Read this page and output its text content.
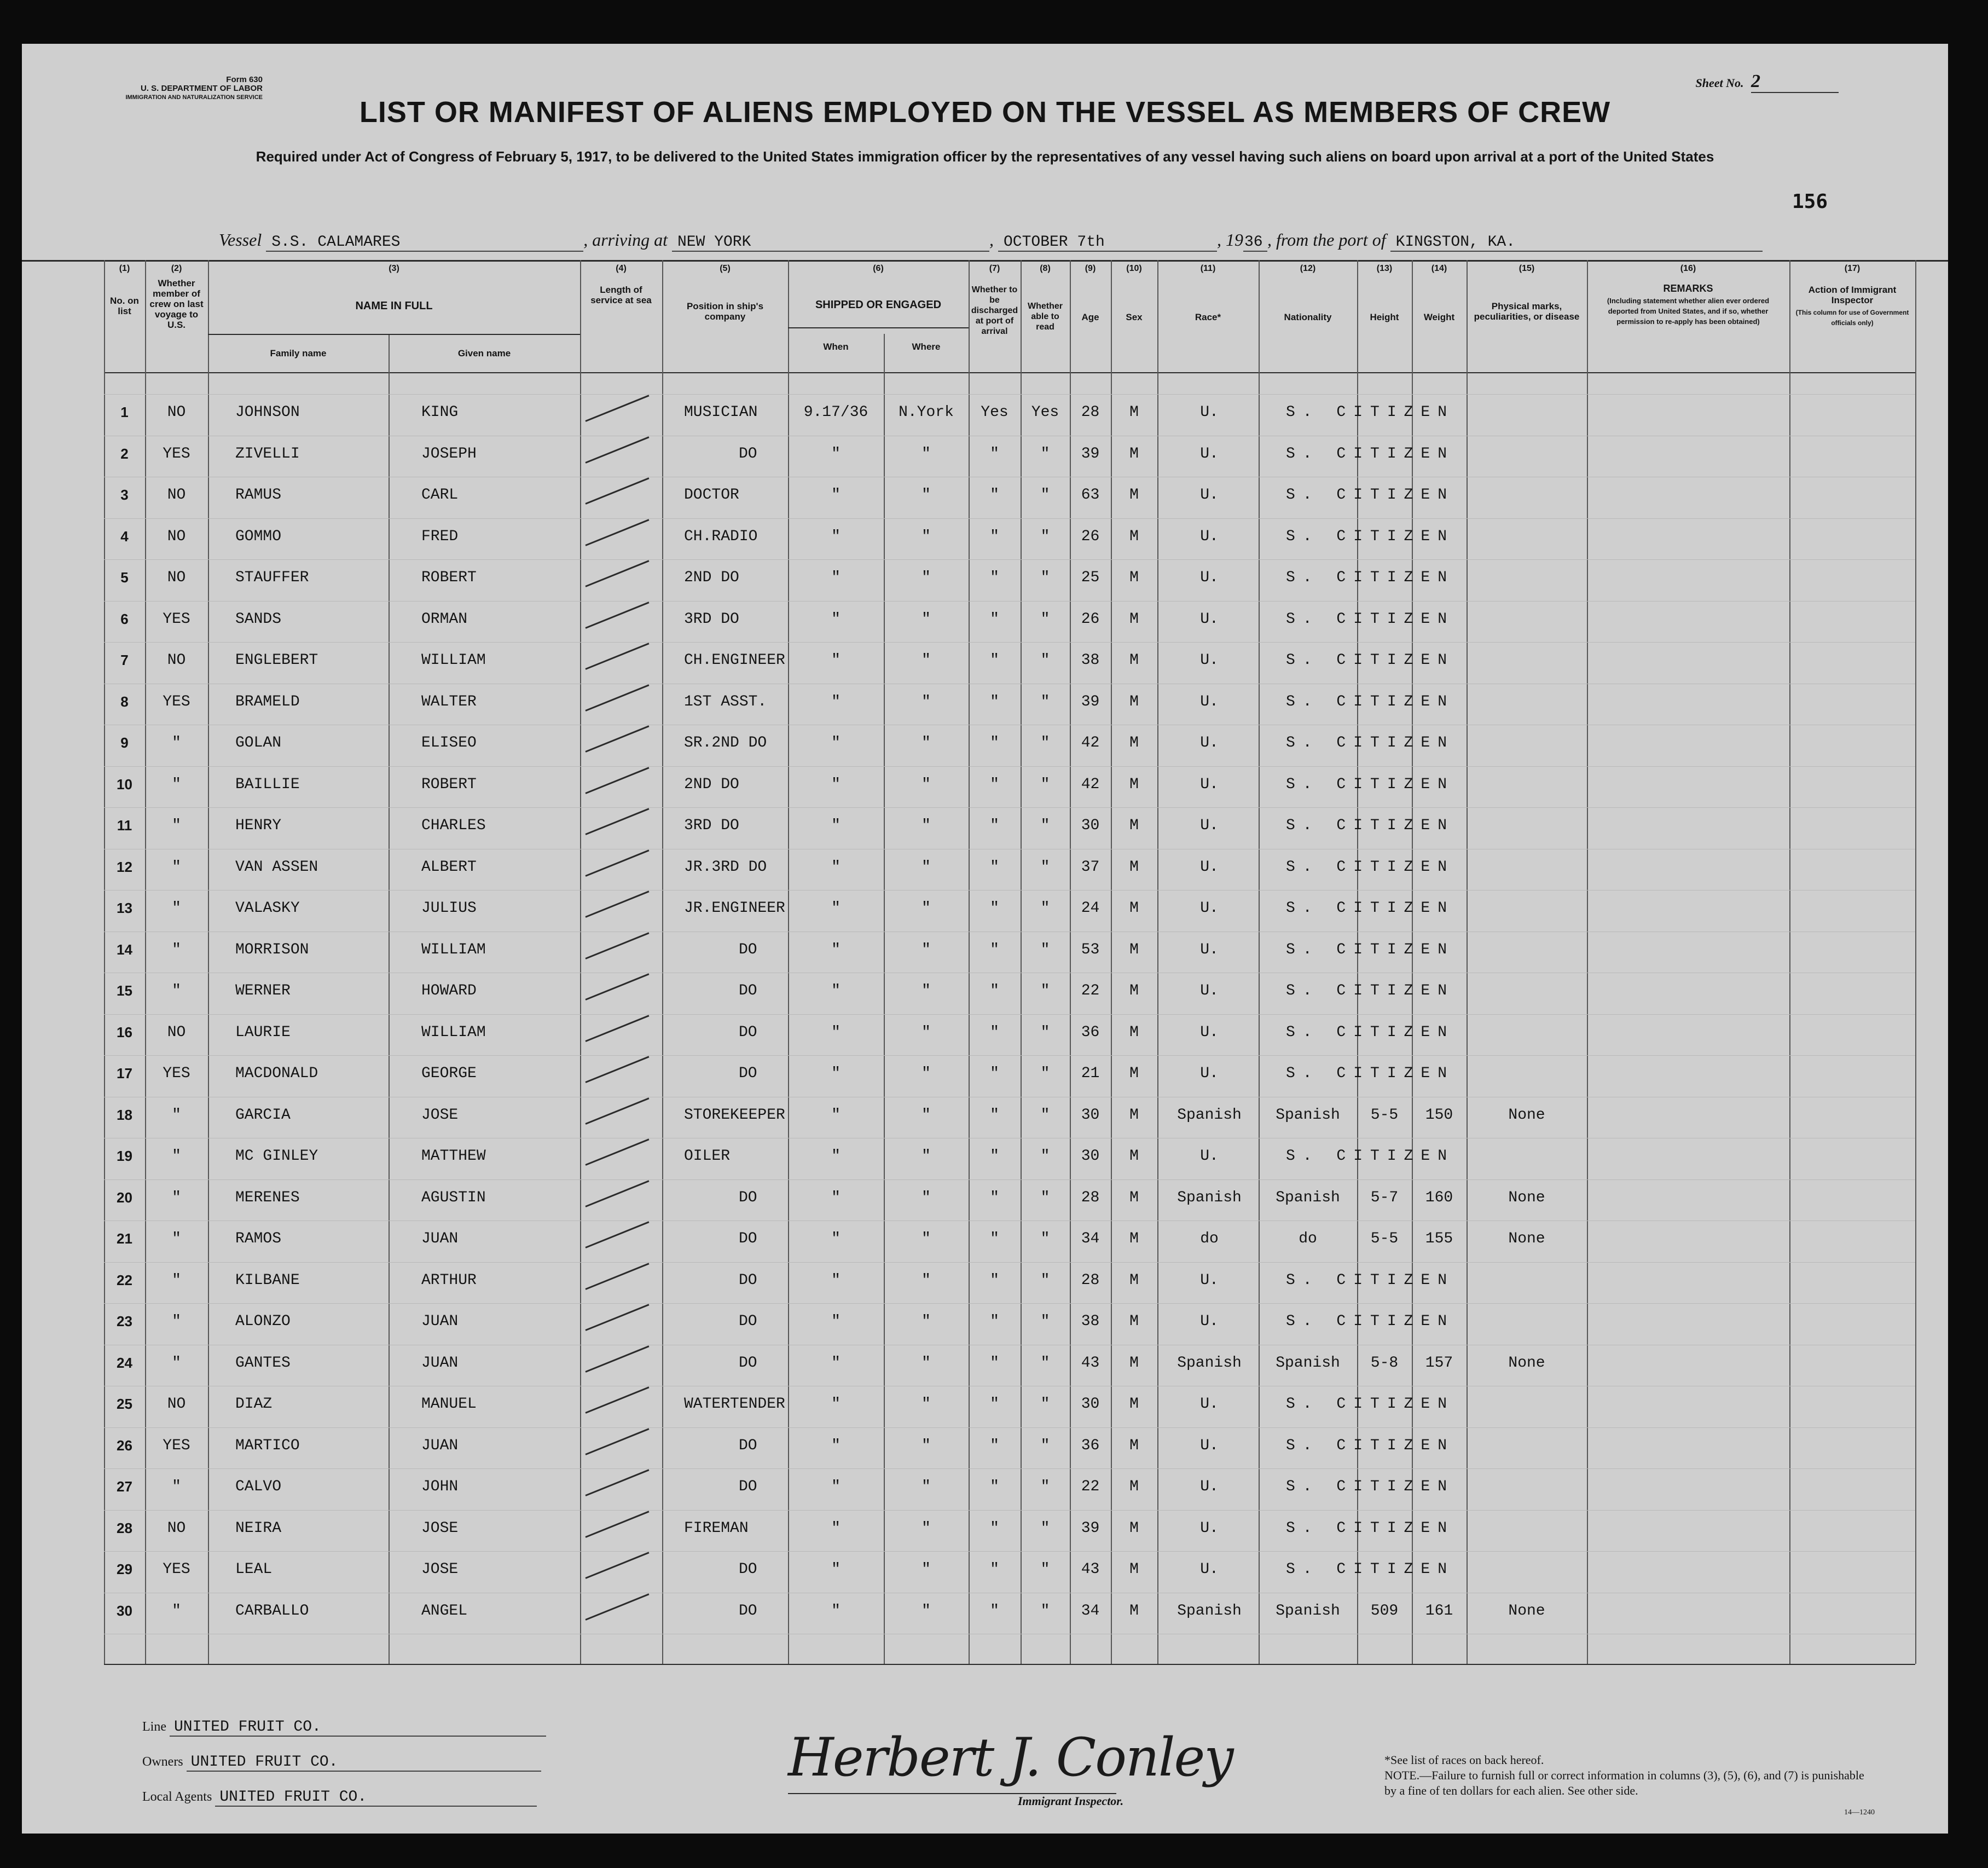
Form 630
U. S. DEPARTMENT OF LABOR
IMMIGRATION AND NATURALIZATION SERVICE
Sheet No. 2
LIST OR MANIFEST OF ALIENS EMPLOYED ON THE VESSEL AS MEMBERS OF CREW
Required under Act of Congress of February 5, 1917, to be delivered to the United States immigration officer by the representatives of any vessel having such aliens on board upon arrival at a port of the United States
156
Vessel S.S. CALAMARES	, arriving at NEW YORK	, OCTOBER 7th	, 1936 , from the port of KINGSTON, KA.
(1)
No. on list
(2)
Whether member of crew on last voyage to U.S.
(3)
NAME IN FULL
Family name	Given name
(4)
Length of service at sea
(5)
Position in ship's company
(6)
SHIPPED OR ENGAGED
When	Where
(7)
Whether to be discharged at port of arrival
(8)
Whether able to read
(9)
Age
(10)
Sex
(11)
Race*
(12)
Nationality
(13)
Height
(14)
Weight
(15)
Physical marks, peculiarities, or disease
(16)
REMARKS
(Including statement whether alien ever ordered deported from United States, and if so, whether permission to re-apply has been obtained)
(17)
Action of Immigrant Inspector
(This column for use of Government officials only)
1	NO	JOHNSON	KING	MUSICIAN	9.17/36	N.York	Yes	Yes	28	M	U.	S. CITIZEN
2	YES	ZIVELLI	JOSEPH	DO	"	"	"	"	39	M	U.	S. CITIZEN
3	NO	RAMUS	CARL	DOCTOR	"	"	"	"	63	M	U.	S. CITIZEN
4	NO	GOMMO	FRED	CH.RADIO	"	"	"	"	26	M	U.	S. CITIZEN
5	NO	STAUFFER	ROBERT	2ND DO	"	"	"	"	25	M	U.	S. CITIZEN
6	YES	SANDS	ORMAN	3RD DO	"	"	"	"	26	M	U.	S. CITIZEN
7	NO	ENGLEBERT	WILLIAM	CH.ENGINEER	"	"	"	"	38	M	U.	S. CITIZEN
8	YES	BRAMELD	WALTER	1ST ASST.	"	"	"	"	39	M	U.	S. CITIZEN
9	"	GOLAN	ELISEO	SR.2ND DO	"	"	"	"	42	M	U.	S. CITIZEN
10	"	BAILLIE	ROBERT	2ND DO	"	"	"	"	42	M	U.	S. CITIZEN
11	"	HENRY	CHARLES	3RD DO	"	"	"	"	30	M	U.	S. CITIZEN
12	"	VAN ASSEN	ALBERT	JR.3RD DO	"	"	"	"	37	M	U.	S. CITIZEN
13	"	VALASKY	JULIUS	JR.ENGINEER	"	"	"	"	24	M	U.	S. CITIZEN
14	"	MORRISON	WILLIAM	DO	"	"	"	"	53	M	U.	S. CITIZEN
15	"	WERNER	HOWARD	DO	"	"	"	"	22	M	U.	S. CITIZEN
16	NO	LAURIE	WILLIAM	DO	"	"	"	"	36	M	U.	S. CITIZEN
17	YES	MACDONALD	GEORGE	DO	"	"	"	"	21	M	U.	S. CITIZEN
18	"	GARCIA	JOSE	STOREKEEPER	"	"	"	"	30	M	Spanish	Spanish	5-5	150	None
19	"	MC GINLEY	MATTHEW	OILER	"	"	"	"	30	M	U.	S. CITIZEN
20	"	MERENES	AGUSTIN	DO	"	"	"	"	28	M	Spanish	Spanish	5-7	160	None
21	"	RAMOS	JUAN	DO	"	"	"	"	34	M	do	do	5-5	155	None
22	"	KILBANE	ARTHUR	DO	"	"	"	"	28	M	U.	S. CITIZEN
23	"	ALONZO	JUAN	DO	"	"	"	"	38	M	U.	S. CITIZEN
24	"	GANTES	JUAN	DO	"	"	"	"	43	M	Spanish	Spanish	5-8	157	None
25	NO	DIAZ	MANUEL	WATERTENDER	"	"	"	"	30	M	U.	S. CITIZEN
26	YES	MARTICO	JUAN	DO	"	"	"	"	36	M	U.	S. CITIZEN
27	"	CALVO	JOHN	DO	"	"	"	"	22	M	U.	S. CITIZEN
28	NO	NEIRA	JOSE	FIREMAN	"	"	"	"	39	M	U.	S. CITIZEN
29	YES	LEAL	JOSE	DO	"	"	"	"	43	M	U.	S. CITIZEN
30	"	CARBALLO	ANGEL	DO	"	"	"	"	34	M	Spanish	Spanish	509	161	None
Line UNITED FRUIT CO.
Owners UNITED FRUIT CO.
Local Agents UNITED FRUIT CO.
Herbert J. Conley
Immigrant Inspector.
*See list of races on back hereof.
NOTE.—Failure to furnish full or correct information in columns (3), (5), (6), and (7) is punishable by a fine of ten dollars for each alien. See other side.
14—1240
